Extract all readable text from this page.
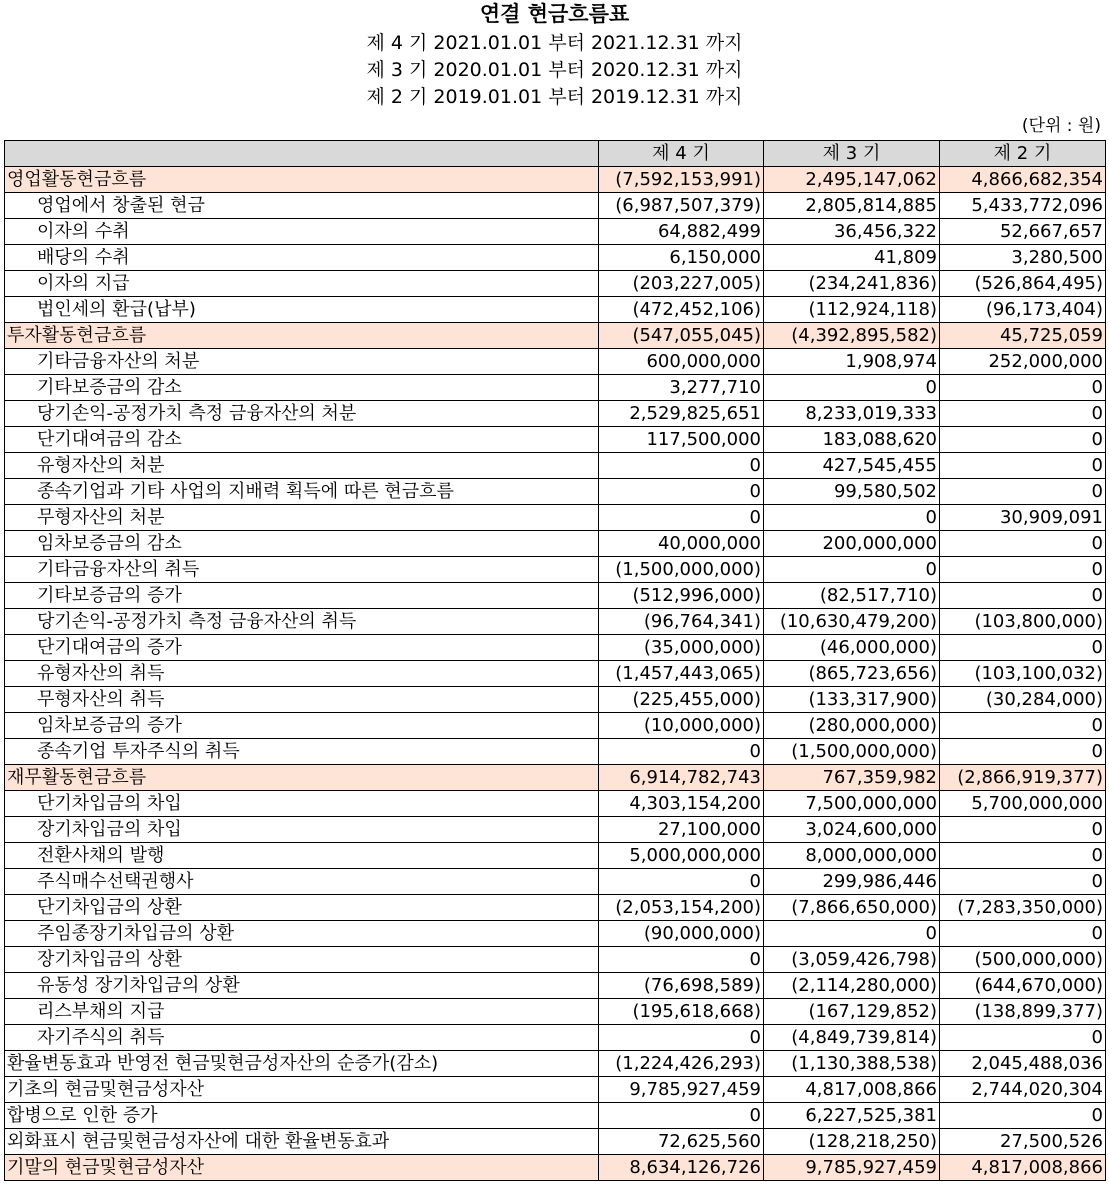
연결 현금흐름표
제 4 기 2021.01.01 부터 2021.12.31 까지
제 3 기 2020.01.01 부터 2020.12.31 까지
제 2 기 2019.01.01 부터 2019.12.31 까지
(단위 : 원)
	제 4 기	제 3 기	제 2 기
영업활동현금흐름	(7,592,153,991)	2,495,147,062	4,866,682,354
영업에서 창출된 현금	(6,987,507,379)	2,805,814,885	5,433,772,096
이자의 수취	64,882,499	36,456,322	52,667,657
배당의 수취	6,150,000	41,809	3,280,500
이자의 지급	(203,227,005)	(234,241,836)	(526,864,495)
법인세의 환급(납부)	(472,452,106)	(112,924,118)	(96,173,404)
투자활동현금흐름	(547,055,045)	(4,392,895,582)	45,725,059
기타금융자산의 처분	600,000,000	1,908,974	252,000,000
기타보증금의 감소	3,277,710	0	0
당기손익-공정가치 측정 금융자산의 처분	2,529,825,651	8,233,019,333	0
단기대여금의 감소	117,500,000	183,088,620	0
유형자산의 처분	0	427,545,455	0
종속기업과 기타 사업의 지배력 획득에 따른 현금흐름	0	99,580,502	0
무형자산의 처분	0	0	30,909,091
임차보증금의 감소	40,000,000	200,000,000	0
기타금융자산의 취득	(1,500,000,000)	0	0
기타보증금의 증가	(512,996,000)	(82,517,710)	0
당기손익-공정가치 측정 금융자산의 취득	(96,764,341)	(10,630,479,200)	(103,800,000)
단기대여금의 증가	(35,000,000)	(46,000,000)	0
유형자산의 취득	(1,457,443,065)	(865,723,656)	(103,100,032)
무형자산의 취득	(225,455,000)	(133,317,900)	(30,284,000)
임차보증금의 증가	(10,000,000)	(280,000,000)	0
종속기업 투자주식의 취득	0	(1,500,000,000)	0
재무활동현금흐름	6,914,782,743	767,359,982	(2,866,919,377)
단기차입금의 차입	4,303,154,200	7,500,000,000	5,700,000,000
장기차입금의 차입	27,100,000	3,024,600,000	0
전환사채의 발행	5,000,000,000	8,000,000,000	0
주식매수선택권행사	0	299,986,446	0
단기차입금의 상환	(2,053,154,200)	(7,866,650,000)	(7,283,350,000)
주임종장기차입금의 상환	(90,000,000)	0	0
장기차입금의 상환	0	(3,059,426,798)	(500,000,000)
유동성 장기차입금의 상환	(76,698,589)	(2,114,280,000)	(644,670,000)
리스부채의 지급	(195,618,668)	(167,129,852)	(138,899,377)
자기주식의 취득	0	(4,849,739,814)	0
환율변동효과 반영전 현금및현금성자산의 순증가(감소)	(1,224,426,293)	(1,130,388,538)	2,045,488,036
기초의 현금및현금성자산	9,785,927,459	4,817,008,866	2,744,020,304
합병으로 인한 증가	0	6,227,525,381	0
외화표시 현금및현금성자산에 대한 환율변동효과	72,625,560	(128,218,250)	27,500,526
기말의 현금및현금성자산	8,634,126,726	9,785,927,459	4,817,008,866
